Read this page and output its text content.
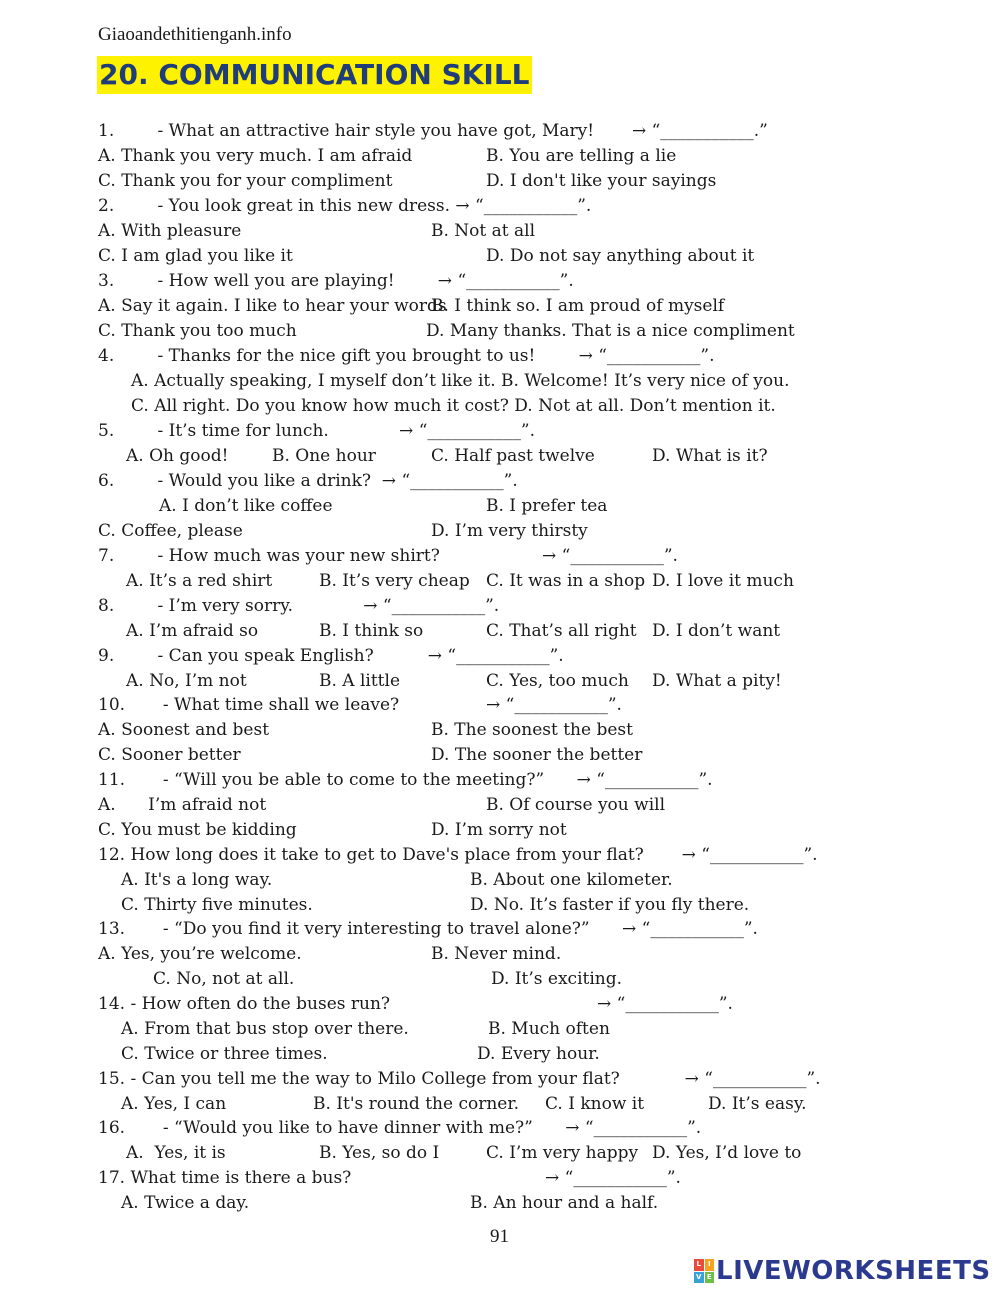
Giaoandethitienganh.info
20. COMMUNICATION SKILL
1.        - What an attractive hair style you have got, Mary!       → “___________.”
A. Thank you very much. I am afraid	B. You are telling a lie
C. Thank you for your compliment	D. I don't like your sayings
2.        - You look great in this new dress. → “___________”.
A. With pleasure	B. Not at all
C. I am glad you like it	D. Do not say anything about it
3.        - How well you are playing!        → “___________”.
A. Say it again. I like to hear your words
B. I think so. I am proud of myself
C. Thank you too much	D. Many thanks. That is a nice compliment
4.        - Thanks for the nice gift you brought to us!        → “___________”.
A. Actually speaking, I myself don’t like it. B. Welcome! It’s very nice of you.
C. All right. Do you know how much it cost? D. Not at all. Don’t mention it.
5.        - It’s time for lunch.             → “___________”.
A. Oh good!	B. One hour	C. Half past twelve	D. What is it?
6.        - Would you like a drink?  → “___________”.
A. I don’t like coffee	B. I prefer tea
C. Coffee, please	D. I’m very thirsty
7.        - How much was your new shirt?	→ “___________”.
A. It’s a red shirt	B. It’s very cheap C. It was in a shop D. I love it much
8.        - I’m very sorry.             → “___________”.
A. I’m afraid so	B. I think so	C. That’s all right D. I don’t want
9.        - Can you speak English?          → “___________”.
A. No, I’m not	B. A little	C. Yes, too much D. What a pity!
10.       - What time shall we leave?	→ “___________”.
A. Soonest and best	B. The soonest the best
C. Sooner better	D. The sooner the better
11.       - “Will you be able to come to the meeting?”      → “___________”.
A.      I’m afraid not	B. Of course you will
C. You must be kidding	D. I’m sorry not
12. How long does it take to get to Dave's place from your flat?       → “___________”.
A. It's a long way.	B. About one kilometer.
C. Thirty five minutes.	D. No. It’s faster if you fly there.
13.       - “Do you find it very interesting to travel alone?”      → “___________”.
A. Yes, you’re welcome.	B. Never mind.
C. No, not at all.	D. It’s exciting.
14. - How often do the buses run?	→ “___________”.
A. From that bus stop over there.	B. Much often
C. Twice or three times.	D. Every hour.
15. - Can you tell me the way to Milo College from your flat?            → “___________”.
A. Yes, I can	B. It's round the corner. C. I know it	D. It’s easy.
16.       - “Would you like to have dinner with me?”      → “___________”.
A.  Yes, it is	B. Yes, so do I	C. I’m very happy D. Yes, I’d love to
17. What time is there a bus?	→ “___________”.
A. Twice a day.	B. An hour and a half.
91
L I
V E LIVEWORKSHEETS
